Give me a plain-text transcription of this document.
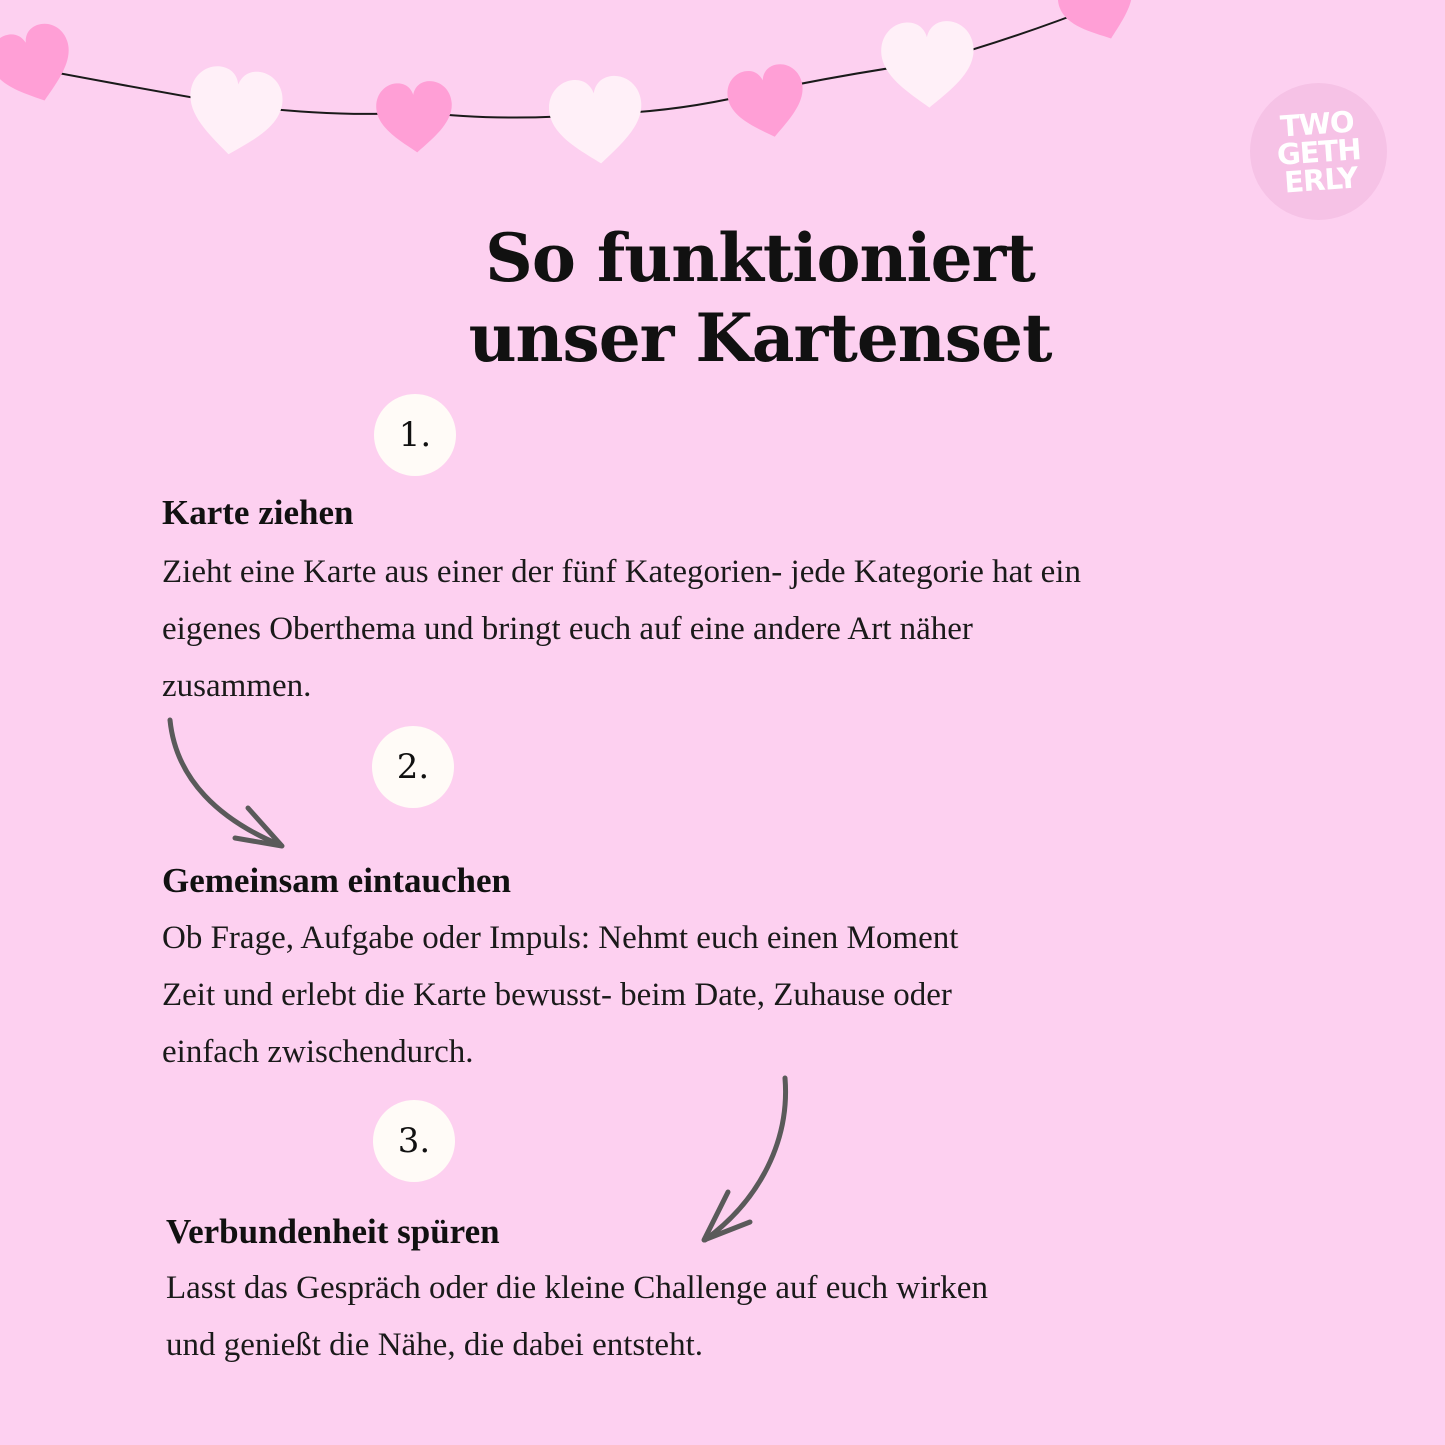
TWO
GETH
ERLY
So funktioniert
unser Kartenset
1.
Karte ziehen

Zieht eine Karte aus einer der fünf Kategorien- jede Kategorie hat ein eigenes Oberthema und bringt euch auf eine andere Art näher zusammen.

2.
Gemeinsam eintauchen

Ob Frage, Aufgabe oder Impuls: Nehmt euch einen Moment Zeit und erlebt die Karte bewusst- beim Date, Zuhause oder einfach zwischendurch.

3.
Verbundenheit spüren

Lasst das Gespräch oder die kleine Challenge auf euch wirken und genießt die Nähe, die dabei entsteht.
